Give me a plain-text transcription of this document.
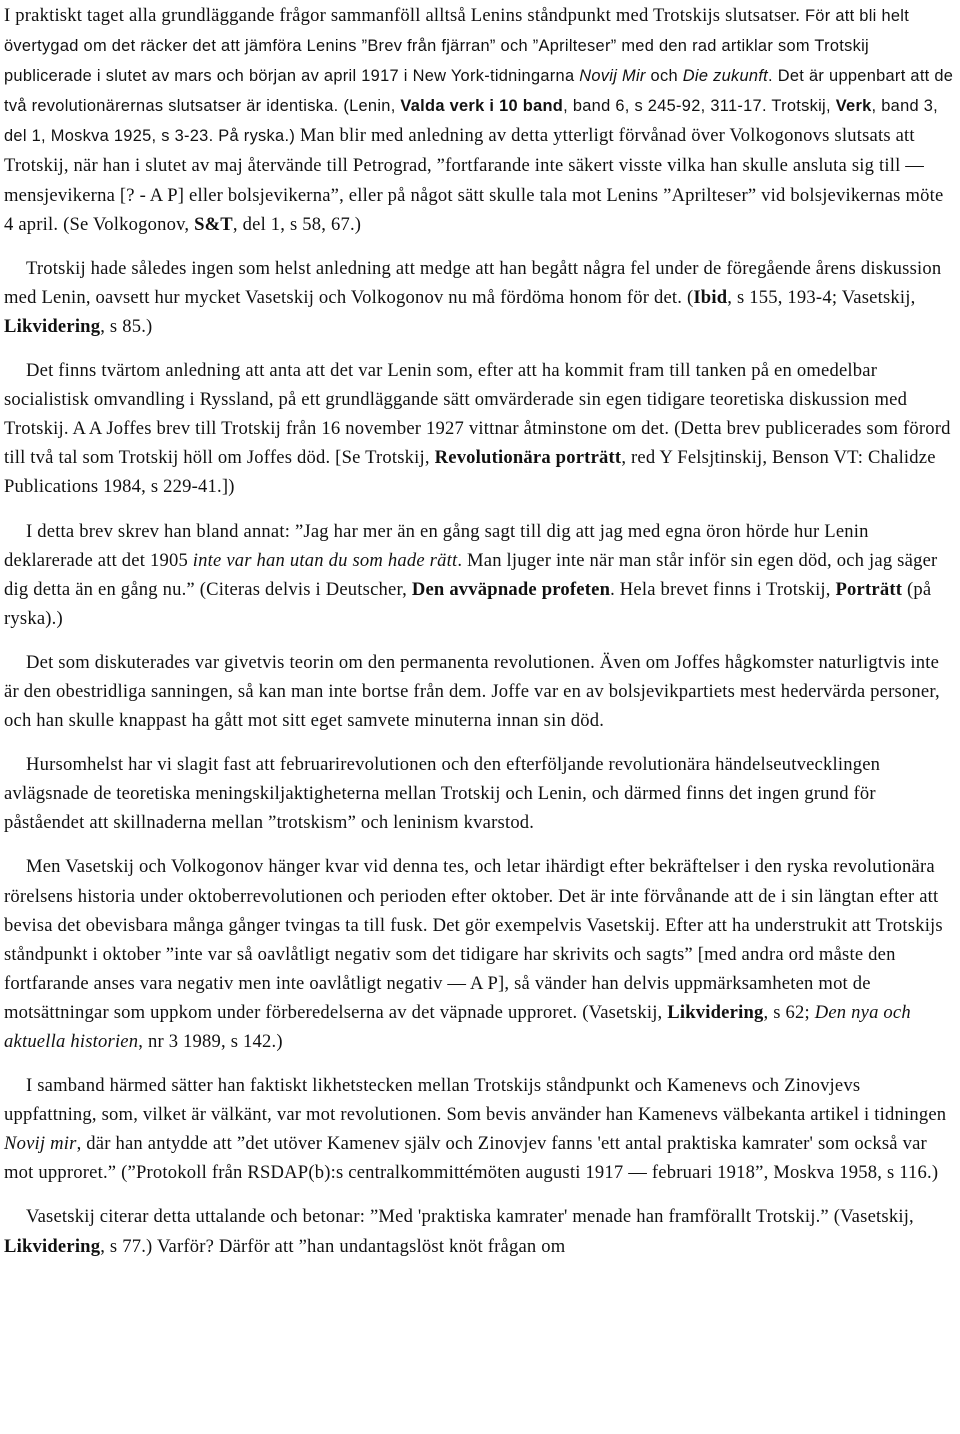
I praktiskt taget alla grundläggande frågor sammanföll alltså Lenins ståndpunkt med Trotskijs slutsatser. För att bli helt övertygad om det räcker det att jämföra Lenins ”Brev från fjärran” och ”Aprilteser” med den rad artiklar som Trotskij publicerade i slutet av mars och början av april 1917 i New York-tidningarna Novij Mir och Die zukunft. Det är uppenbart att de två revolutionärernas slutsatser är identiska. (Lenin, Valda verk i 10 band, band 6, s 245-92, 311-17. Trotskij, Verk, band 3, del 1, Moskva 1925, s 3-23. På ryska.) Man blir med anledning av detta ytterligt förvånad över Volkogonovs slutsats att Trotskij, när han i slutet av maj återvände till Petrograd, ”fortfarande inte säkert visste vilka han skulle ansluta sig till — mensjevikerna [? - A P] eller bolsjevikerna”, eller på något sätt skulle tala mot Lenins ”Aprilteser” vid bolsjevikernas möte 4 april. (Se Volkogonov, S&T, del 1, s 58, 67.)

Trotskij hade således ingen som helst anledning att medge att han begått några fel under de föregående årens diskussion med Lenin, oavsett hur mycket Vasetskij och Volkogonov nu må fördöma honom för det. (Ibid, s 155, 193-4; Vasetskij, Likvidering, s 85.)

Det finns tvärtom anledning att anta att det var Lenin som, efter att ha kommit fram till tanken på en omedelbar socialistisk omvandling i Ryssland, på ett grundläggande sätt omvärderade sin egen tidigare teoretiska diskussion med Trotskij. A A Joffes brev till Trotskij från 16 november 1927 vittnar åtminstone om det. (Detta brev publicerades som förord till två tal som Trotskij höll om Joffes död. [Se Trotskij, Revolutionära porträtt, red Y Felsjtinskij, Benson VT: Chalidze Publications 1984, s 229-41.])

I detta brev skrev han bland annat: ”Jag har mer än en gång sagt till dig att jag med egna öron hörde hur Lenin deklarerade att det 1905 inte var han utan du som hade rätt. Man ljuger inte när man står inför sin egen död, och jag säger dig detta än en gång nu.” (Citeras delvis i Deutscher, Den avväpnade profeten. Hela brevet finns i Trotskij, Porträtt (på ryska).)

Det som diskuterades var givetvis teorin om den permanenta revolutionen. Även om Joffes hågkomster naturligtvis inte är den obestridliga sanningen, så kan man inte bortse från dem. Joffe var en av bolsjevikpartiets mest hedervärda personer, och han skulle knappast ha gått mot sitt eget samvete minuterna innan sin död.

Hursomhelst har vi slagit fast att februarirevolutionen och den efterföljande revolutionära händelseutvecklingen avlägsnade de teoretiska meningskiljaktigheterna mellan Trotskij och Lenin, och därmed finns det ingen grund för påståendet att skillnaderna mellan ”trotskism” och leninism kvarstod.

Men Vasetskij och Volkogonov hänger kvar vid denna tes, och letar ihärdigt efter bekräftelser i den ryska revolutionära rörelsens historia under oktoberrevolutionen och perioden efter oktober. Det är inte förvånande att de i sin längtan efter att bevisa det obevisbara många gånger tvingas ta till fusk. Det gör exempelvis Vasetskij. Efter att ha understrukit att Trotskijs ståndpunkt i oktober ”inte var så oavlåtligt negativ som det tidigare har skrivits och sagts” [med andra ord måste den fortfarande anses vara negativ men inte oavlåtligt negativ — A P], så vänder han delvis uppmärksamheten mot de motsättningar som uppkom under förberedelserna av det väpnade upproret. (Vasetskij, Likvidering, s 62; Den nya och aktuella historien, nr 3 1989, s 142.)

I samband härmed sätter han faktiskt likhetstecken mellan Trotskijs ståndpunkt och Kamenevs och Zinovjevs uppfattning, som, vilket är välkänt, var mot revolutionen. Som bevis använder han Kamenevs välbekanta artikel i tidningen Novij mir, där han antydde att ”det utöver Kamenev själv och Zinovjev fanns 'ett antal praktiska kamrater' som också var mot upproret.” (”Protokoll från RSDAP(b):s centralkommittémöten augusti 1917 — februari 1918”, Moskva 1958, s 116.)

Vasetskij citerar detta uttalande och betonar: ”Med 'praktiska kamrater' menade han framförallt Trotskij.” (Vasetskij, Likvidering, s 77.) Varför? Därför att ”han undantagslöst knöt frågan om
